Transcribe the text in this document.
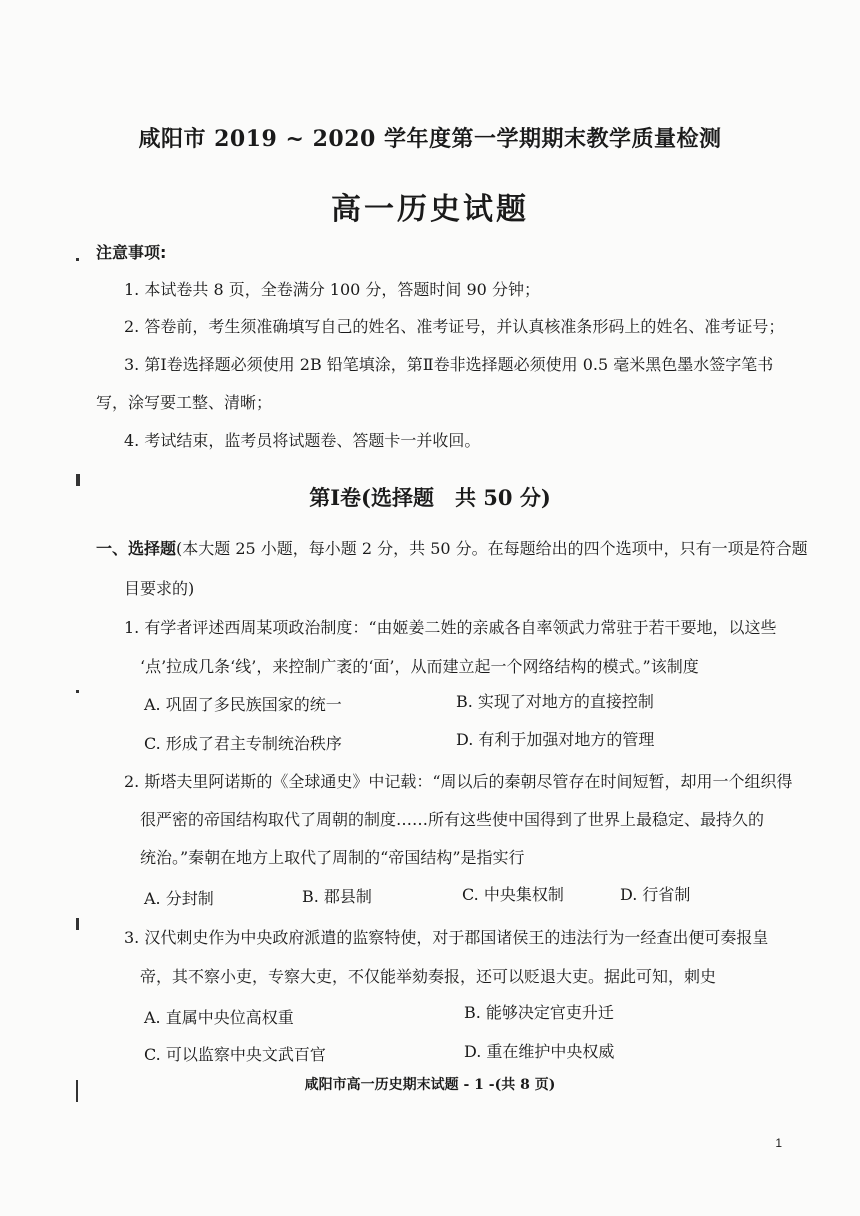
咸阳市 2019 ~ 2020 学年度第一学期期末教学质量检测
高一历史试题
注意事项:
1. 本试卷共 8 页，全卷满分 100 分，答题时间 90 分钟；
2. 答卷前，考生须准确填写自己的姓名、准考证号，并认真核准条形码上的姓名、准考证号；
3. 第Ⅰ卷选择题必须使用 2B 铅笔填涂，第Ⅱ卷非选择题必须使用 0.5 毫米黑色墨水签字笔书
写，涂写要工整、清晰；
4. 考试结束，监考员将试题卷、答题卡一并收回。
第Ⅰ卷(选择题　共 50 分)
一、选择题(本大题 25 小题，每小题 2 分，共 50 分。在每题给出的四个选项中，只有一项是符合题
目要求的)
1. 有学者评述西周某项政治制度：“由姬姜二姓的亲戚各自率领武力常驻于若干要地，以这些
‘点’拉成几条‘线’，来控制广袤的‘面’，从而建立起一个网络结构的模式。”该制度
A. 巩固了多民族国家的统一	B. 实现了对地方的直接控制
C. 形成了君主专制统治秩序	D. 有利于加强对地方的管理
2. 斯塔夫里阿诺斯的《全球通史》中记载：“周以后的秦朝尽管存在时间短暂，却用一个组织得
很严密的帝国结构取代了周朝的制度……所有这些使中国得到了世界上最稳定、最持久的
统治。”秦朝在地方上取代了周制的“帝国结构”是指实行
A. 分封制	B. 郡县制	C. 中央集权制	D. 行省制
3. 汉代刺史作为中央政府派遣的监察特使，对于郡国诸侯王的违法行为一经查出便可奏报皇
帝，其不察小吏，专察大吏，不仅能举劾奏报，还可以贬退大吏。据此可知，刺史
A. 直属中央位高权重	B. 能够决定官吏升迁
C. 可以监察中央文武百官	D. 重在维护中央权威
咸阳市高一历史期末试题 - 1 -(共 8 页)
1
